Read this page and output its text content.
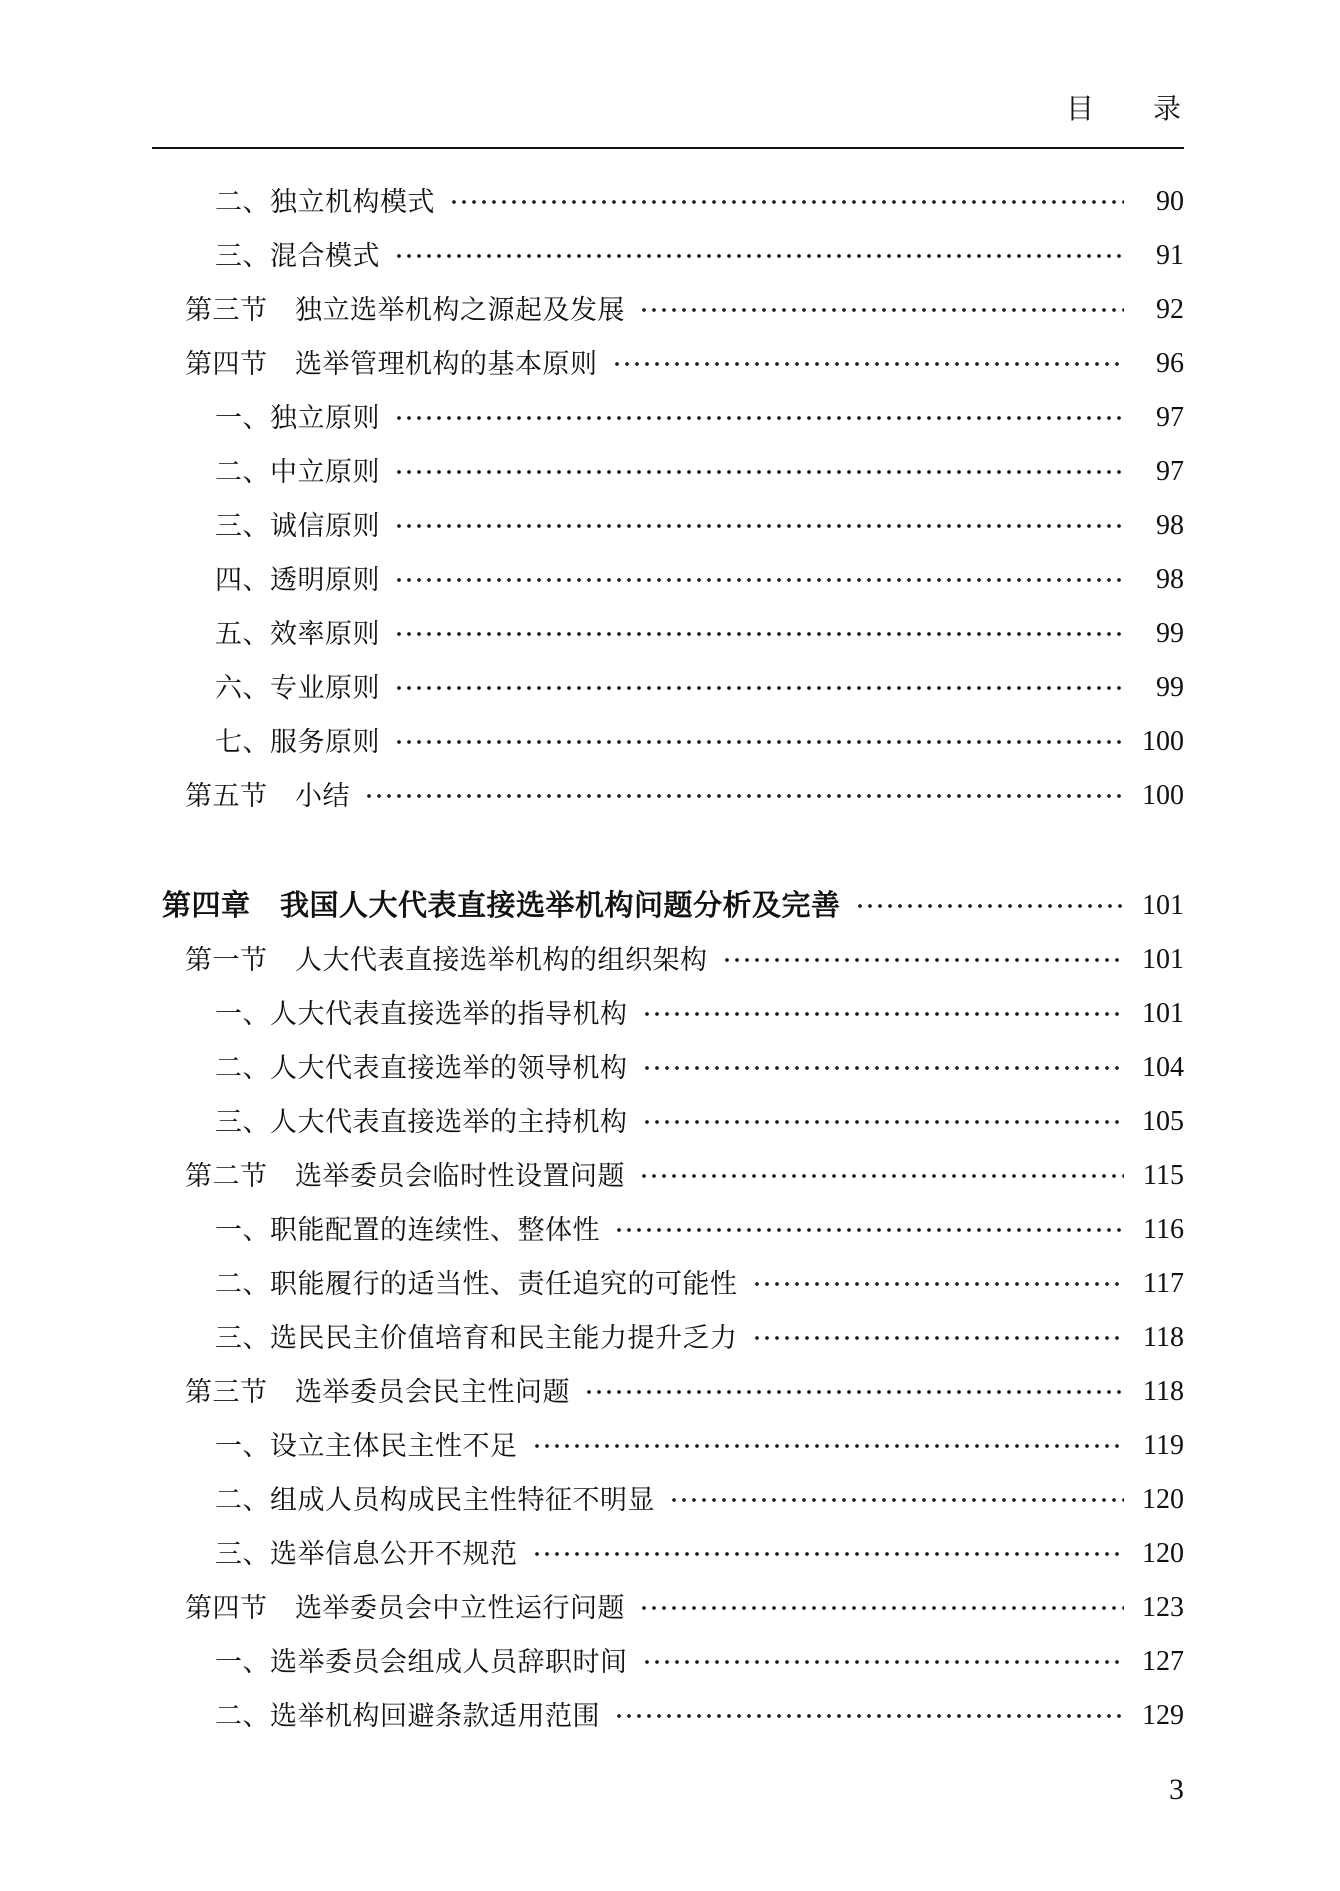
目　　录
二、独立机构模式	90
三、混合模式	91
第三节　独立选举机构之源起及发展	92
第四节　选举管理机构的基本原则	96
一、独立原则	97
二、中立原则	97
三、诚信原则	98
四、透明原则	98
五、效率原则	99
六、专业原则	99
七、服务原则	100
第五节　小结	100
第四章　我国人大代表直接选举机构问题分析及完善	101
第一节　人大代表直接选举机构的组织架构	101
一、人大代表直接选举的指导机构	101
二、人大代表直接选举的领导机构	104
三、人大代表直接选举的主持机构	105
第二节　选举委员会临时性设置问题	115
一、职能配置的连续性、整体性	116
二、职能履行的适当性、责任追究的可能性	117
三、选民民主价值培育和民主能力提升乏力	118
第三节　选举委员会民主性问题	118
一、设立主体民主性不足	119
二、组成人员构成民主性特征不明显	120
三、选举信息公开不规范	120
第四节　选举委员会中立性运行问题	123
一、选举委员会组成人员辞职时间	127
二、选举机构回避条款适用范围	129
3
